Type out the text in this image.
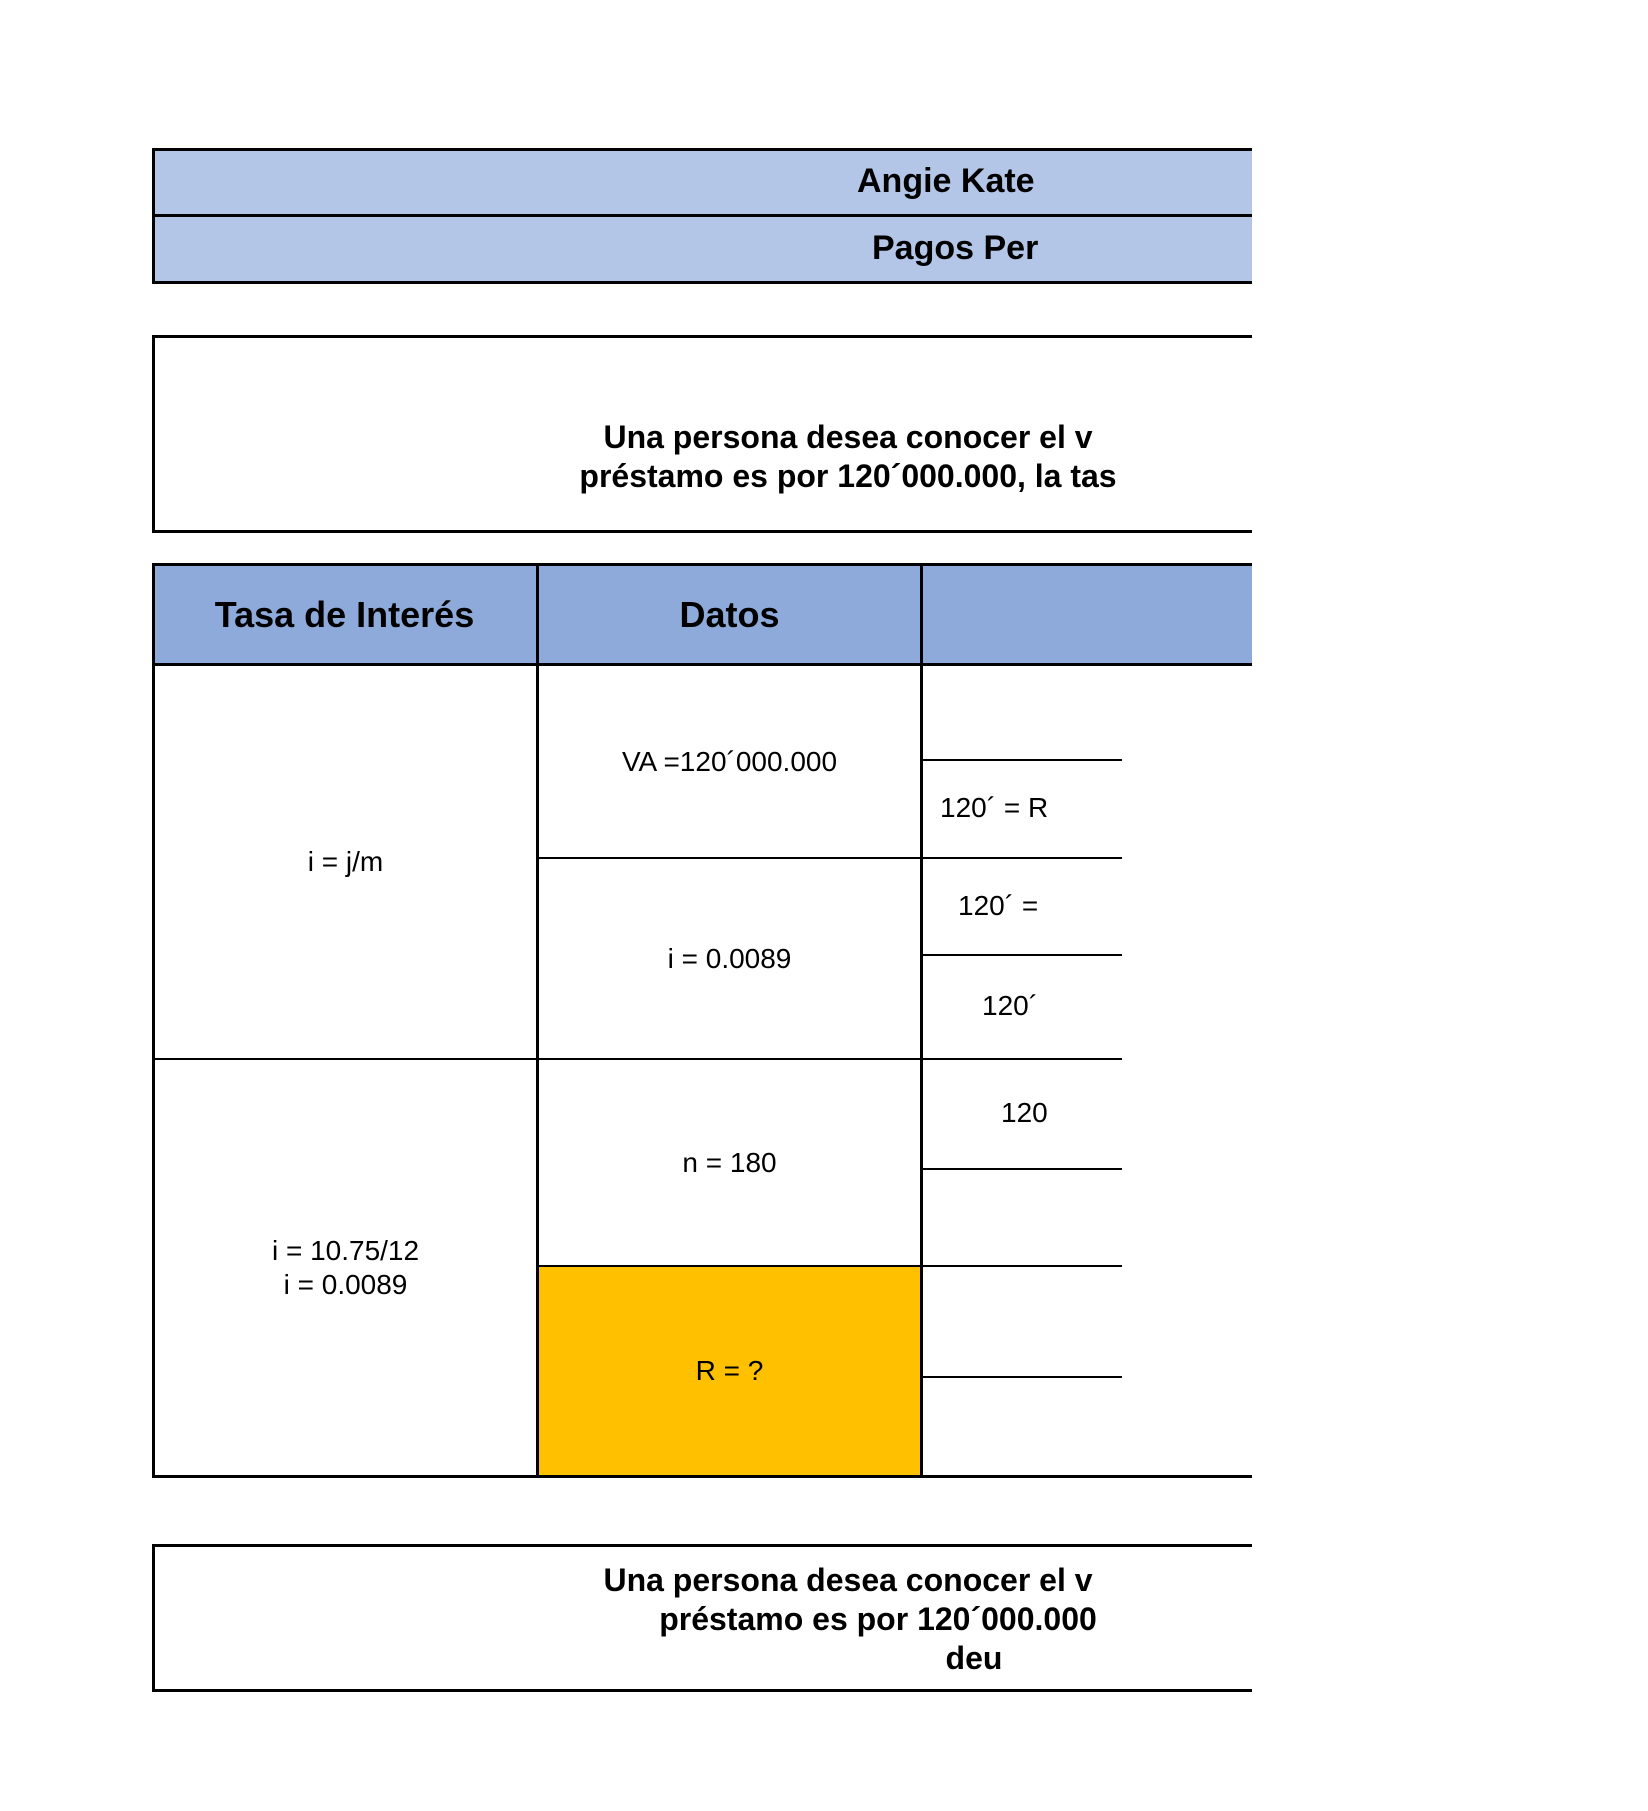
Angie Kate
Pagos Per
Una persona desea conocer el v
préstamo es por 120´000.000, la tas
Tasa de Interés	Datos
i = j/m
i = 10.75/12
i = 0.0089
VA =120´000.000
i = 0.0089
n = 180
R = ?
120´ = R
120´ =
120´
120
Una persona desea conocer el v
préstamo es por 120´000.000
deu
